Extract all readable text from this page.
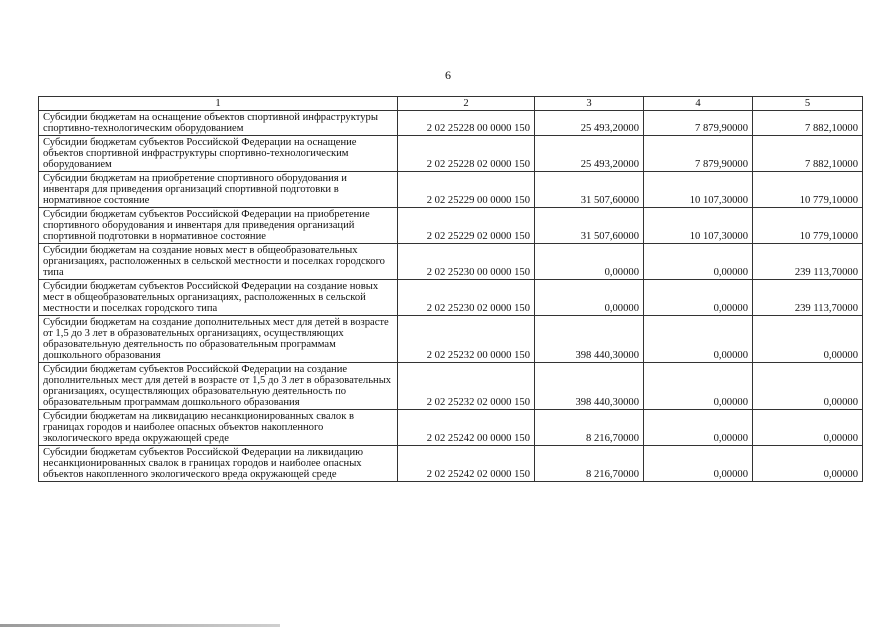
6
1	2	3	4	5
Субсидии бюджетам на оснащение объектов спортивной инфраструктуры спортивно-технологическим оборудованием	2 02 25228 00 0000 150	25 493,20000	7 879,90000	7 882,10000
Субсидии бюджетам субъектов Российской Федерации на оснащение объектов спортивной инфраструктуры спортивно-технологическим оборудованием	2 02 25228 02 0000 150	25 493,20000	7 879,90000	7 882,10000
Субсидии бюджетам на приобретение спортивного оборудования и инвентаря для приведения организаций спортивной подготовки в нормативное состояние	2 02 25229 00 0000 150	31 507,60000	10 107,30000	10 779,10000
Субсидии бюджетам субъектов Российской Федерации на приобретение спортивного оборудования и инвентаря для приведения организаций спортивной подготовки в нормативное состояние	2 02 25229 02 0000 150	31 507,60000	10 107,30000	10 779,10000
Субсидии бюджетам на создание новых мест в общеобразовательных организациях, расположенных в сельской местности и поселках городского типа	2 02 25230 00 0000 150	0,00000	0,00000	239 113,70000
Субсидии бюджетам субъектов Российской Федерации на создание новых мест в общеобразовательных организациях, расположенных в сельской местности и поселках городского типа	2 02 25230 02 0000 150	0,00000	0,00000	239 113,70000
Субсидии бюджетам на создание дополнительных мест для детей в возрасте от 1,5 до 3 лет в образовательных организациях, осуществляющих образовательную деятельность по образовательным программам дошкольного образования	2 02 25232 00 0000 150	398 440,30000	0,00000	0,00000
Субсидии бюджетам субъектов Российской Федерации на создание дополнительных мест для детей в возрасте от 1,5 до 3 лет в образовательных организациях, осуществляющих образовательную деятельность по образовательным программам дошкольного образования	2 02 25232 02 0000 150	398 440,30000	0,00000	0,00000
Субсидии бюджетам на ликвидацию несанкционированных свалок в границах городов и наиболее опасных объектов накопленного экологического вреда окружающей среде	2 02 25242 00 0000 150	8 216,70000	0,00000	0,00000
Субсидии бюджетам субъектов Российской Федерации на ликвидацию несанкционированных свалок в границах городов и наиболее опасных объектов накопленного экологического вреда окружающей среде	2 02 25242 02 0000 150	8 216,70000	0,00000	0,00000
